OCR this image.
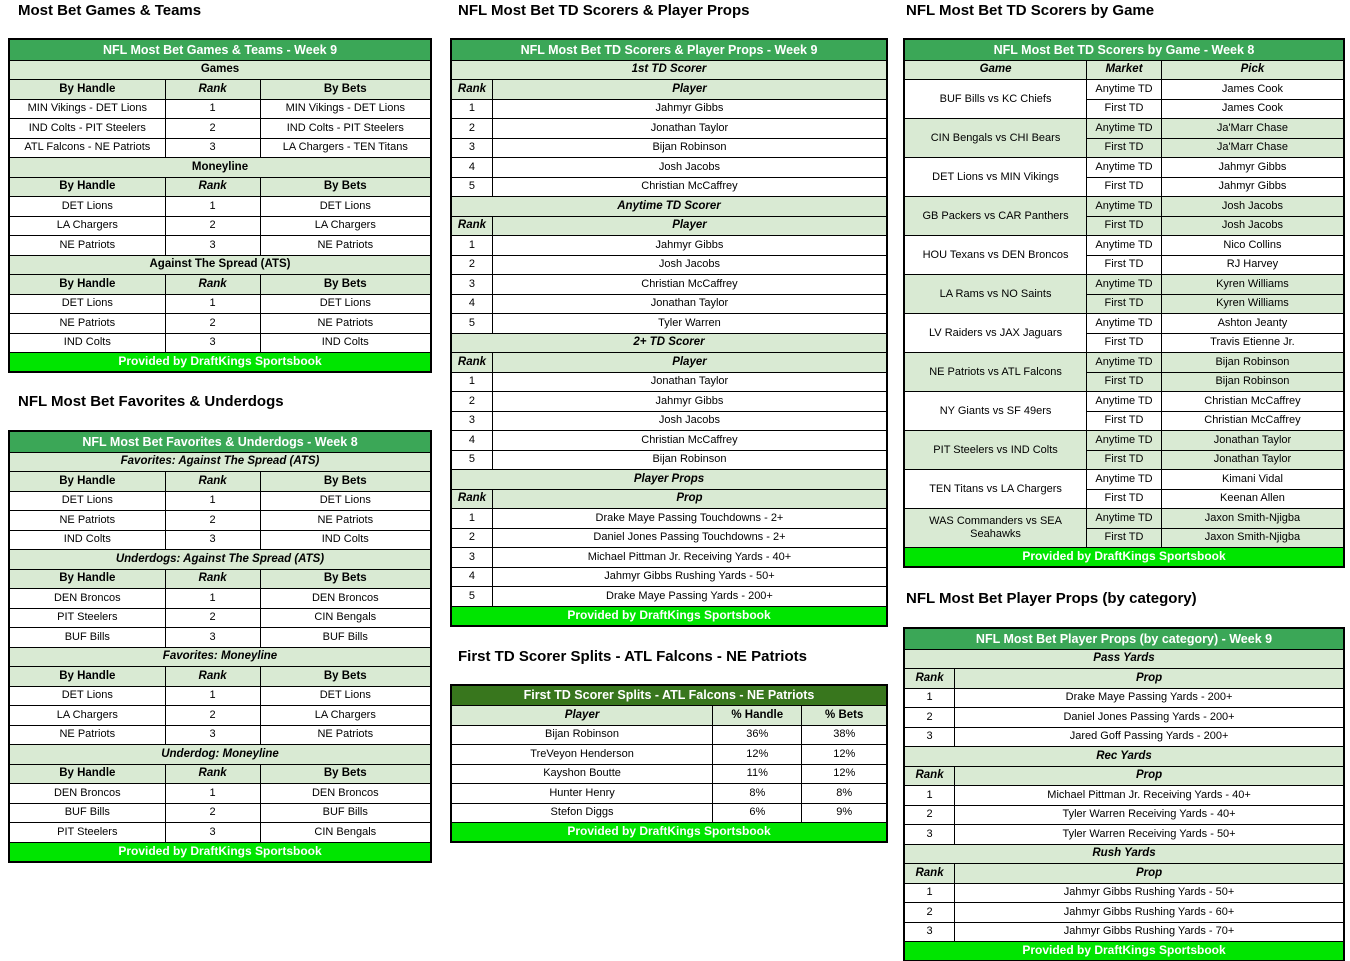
Most Bet Games & Teams
NFL Most Bet Games & Teams - Week 9		
Games		
By Handle	Rank	By Bets
MIN Vikings - DET Lions	1	MIN Vikings - DET Lions
IND Colts - PIT Steelers	2	IND Colts - PIT Steelers
ATL Falcons - NE Patriots	3	LA Chargers - TEN Titans
Moneyline		
By Handle	Rank	By Bets
DET Lions	1	DET Lions
LA Chargers	2	LA Chargers
NE Patriots	3	NE Patriots
Against The Spread (ATS)		
By Handle	Rank	By Bets
DET Lions	1	DET Lions
NE Patriots	2	NE Patriots
IND Colts	3	IND Colts
Provided by DraftKings Sportsbook		
NFL Most Bet Favorites & Underdogs
NFL Most Bet Favorites & Underdogs - Week 8		
Favorites: Against The Spread (ATS)		
By Handle	Rank	By Bets
DET Lions	1	DET Lions
NE Patriots	2	NE Patriots
IND Colts	3	IND Colts
Underdogs: Against The Spread (ATS)		
By Handle	Rank	By Bets
DEN Broncos	1	DEN Broncos
PIT Steelers	2	CIN Bengals
BUF Bills	3	BUF Bills
Favorites: Moneyline		
By Handle	Rank	By Bets
DET Lions	1	DET Lions
LA Chargers	2	LA Chargers
NE Patriots	3	NE Patriots
Underdog: Moneyline		
By Handle	Rank	By Bets
DEN Broncos	1	DEN Broncos
BUF Bills	2	BUF Bills
PIT Steelers	3	CIN Bengals
Provided by DraftKings Sportsbook		
NFL Most Bet TD Scorers & Player Props
NFL Most Bet TD Scorers & Player Props - Week 9	
1st TD Scorer	
Rank	Player
1	Jahmyr Gibbs
2	Jonathan Taylor
3	Bijan Robinson
4	Josh Jacobs
5	Christian McCaffrey
Anytime TD Scorer	
Rank	Player
1	Jahmyr Gibbs
2	Josh Jacobs
3	Christian McCaffrey
4	Jonathan Taylor
5	Tyler Warren
2+ TD Scorer	
Rank	Player
1	Jonathan Taylor
2	Jahmyr Gibbs
3	Josh Jacobs
4	Christian McCaffrey
5	Bijan Robinson
Player Props	
Rank	Prop
1	Drake Maye Passing Touchdowns - 2+
2	Daniel Jones Passing Touchdowns - 2+
3	Michael Pittman Jr. Receiving Yards - 40+
4	Jahmyr Gibbs Rushing Yards - 50+
5	Drake Maye Passing Yards - 200+
Provided by DraftKings Sportsbook	
First TD Scorer Splits - ATL Falcons - NE Patriots
First TD Scorer Splits - ATL Falcons - NE Patriots		
Player	% Handle	% Bets
Bijan Robinson	36%	38%
TreVeyon Henderson	12%	12%
Kayshon Boutte	11%	12%
Hunter Henry	8%	8%
Stefon Diggs	6%	9%
Provided by DraftKings Sportsbook		
NFL Most Bet TD Scorers by Game
NFL Most Bet TD Scorers by Game - Week 8		
Game	Market	Pick
BUF Bills vs KC Chiefs	Anytime TD	James Cook
	First TD	James Cook
CIN Bengals vs CHI Bears	Anytime TD	Ja'Marr Chase
	First TD	Ja'Marr Chase
DET Lions vs MIN Vikings	Anytime TD	Jahmyr Gibbs
	First TD	Jahmyr Gibbs
GB Packers vs CAR Panthers	Anytime TD	Josh Jacobs
	First TD	Josh Jacobs
HOU Texans vs DEN Broncos	Anytime TD	Nico Collins
	First TD	RJ Harvey
LA Rams vs NO Saints	Anytime TD	Kyren Williams
	First TD	Kyren Williams
LV Raiders vs JAX Jaguars	Anytime TD	Ashton Jeanty
	First TD	Travis Etienne Jr.
NE Patriots vs ATL Falcons	Anytime TD	Bijan Robinson
	First TD	Bijan Robinson
NY Giants vs SF 49ers	Anytime TD	Christian McCaffrey
	First TD	Christian McCaffrey
PIT Steelers vs IND Colts	Anytime TD	Jonathan Taylor
	First TD	Jonathan Taylor
TEN Titans vs LA Chargers	Anytime TD	Kimani Vidal
	First TD	Keenan Allen
WAS Commanders vs SEA Seahawks	Anytime TD	Jaxon Smith-Njigba
	First TD	Jaxon Smith-Njigba
Provided by DraftKings Sportsbook		
NFL Most Bet Player Props (by category)
NFL Most Bet Player Props (by category) - Week 9	
Pass Yards	
Rank	Prop
1	Drake Maye Passing Yards - 200+
2	Daniel Jones Passing Yards - 200+
3	Jared Goff Passing Yards - 200+
Rec Yards	
Rank	Prop
1	Michael Pittman Jr. Receiving Yards - 40+
2	Tyler Warren Receiving Yards - 40+
3	Tyler Warren Receiving Yards - 50+
Rush Yards	
Rank	Prop
1	Jahmyr Gibbs Rushing Yards - 50+
2	Jahmyr Gibbs Rushing Yards - 60+
3	Jahmyr Gibbs Rushing Yards - 70+
Provided by DraftKings Sportsbook	
